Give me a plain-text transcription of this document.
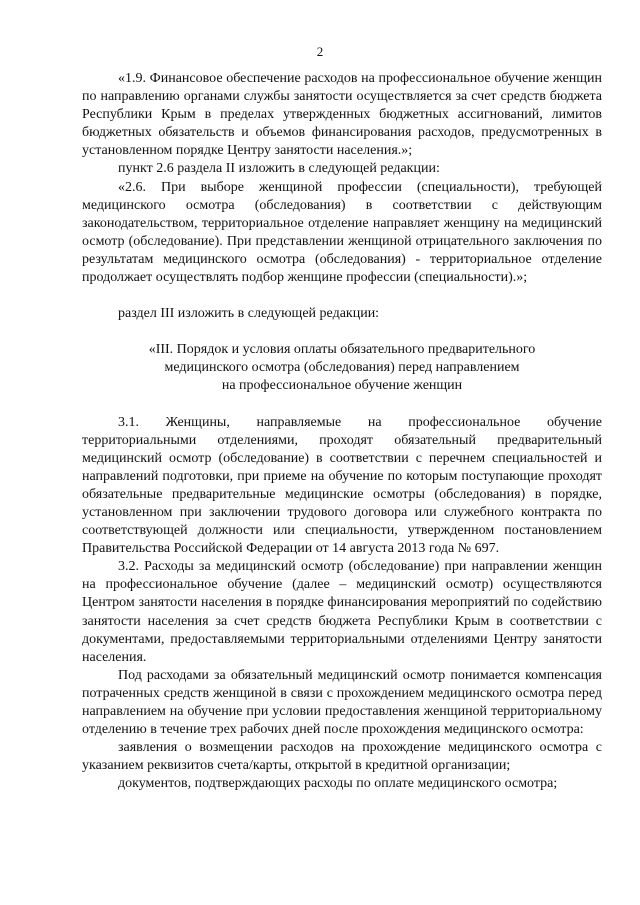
2

«1.9. Финансовое обеспечение расходов на профессиональное обучение женщин по направлению органами службы занятости осуществляется за счет средств бюджета Республики Крым в пределах утвержденных бюджетных ассигнований, лимитов бюджетных обязательств и объемов финансирования расходов, предусмотренных в установленном порядке Центру занятости населения.»;

пункт 2.6 раздела II изложить в следующей редакции:

«2.6. При выборе женщиной профессии (специальности), требующей медицинского осмотра (обследования) в соответствии с действующим законодательством, территориальное отделение направляет женщину на медицинский осмотр (обследование). При представлении женщиной отрицательного заключения по результатам медицинского осмотра (обследования) - территориальное отделение продолжает осуществлять подбор женщине профессии (специальности).»;

раздел III изложить в следующей редакции:

«III. Порядок и условия оплаты обязательного предварительного
медицинского осмотра (обследования) перед направлением
на профессиональное обучение женщин

3.1. Женщины, направляемые на профессиональное обучение территориальными отделениями, проходят обязательный предварительный медицинский осмотр (обследование) в соответствии с перечнем специальностей и направлений подготовки, при приеме на обучение по которым поступающие проходят обязательные предварительные медицинские осмотры (обследования) в порядке, установленном при заключении трудового договора или служебного контракта по соответствующей должности или специальности, утвержденном постановлением Правительства Российской Федерации от 14 августа 2013 года № 697.

3.2. Расходы за медицинский осмотр (обследование) при направлении женщин на профессиональное обучение (далее – медицинский осмотр) осуществляются Центром занятости населения в порядке финансирования мероприятий по содействию занятости населения за счет средств бюджета Республики Крым в соответствии с документами, предоставляемыми территориальными отделениями Центру занятости населения.

Под расходами за обязательный медицинский осмотр понимается компенсация потраченных средств женщиной в связи с прохождением медицинского осмотра перед направлением на обучение при условии предоставления женщиной территориальному отделению в течение трех рабочих дней после прохождения медицинского осмотра:

заявления о возмещении расходов на прохождение медицинского осмотра с указанием реквизитов счета/карты, открытой в кредитной организации;

документов, подтверждающих расходы по оплате медицинского осмотра;
